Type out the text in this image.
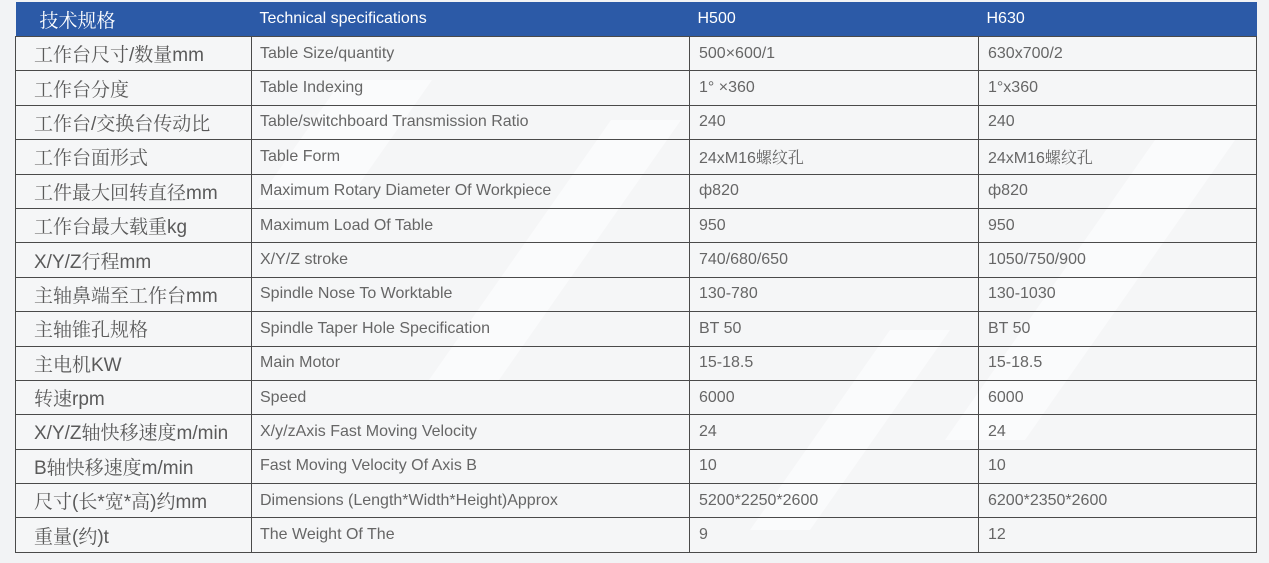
技术规格	Technical specifications	H500	H630
工作台尺寸/数量mm	Table Size/quantity	500×600/1	630x700/2
工作台分度	Table Indexing	1° ×360	1°x360
工作台/交换台传动比	Table/switchboard Transmission Ratio	240	240
工作台面形式	Table Form	24xM16螺纹孔	24xM16螺纹孔
工件最大回转直径mm	Maximum Rotary Diameter Of Workpiece	ф820	ф820
工作台最大载重kg	Maximum Load Of Table	950	950
X/Y/Z行程mm	X/Y/Z stroke	740/680/650	1050/750/900
主轴鼻端至工作台mm	Spindle Nose To Worktable	130-780	130-1030
主轴锥孔规格	Spindle Taper Hole Specification	BT 50	BT 50
主电机KW	Main Motor	15-18.5	15-18.5
转速rpm	Speed	6000	6000
X/Y/Z轴快移速度m/min	X/y/zAxis Fast Moving Velocity	24	24
B轴快移速度m/min	Fast Moving Velocity Of Axis B	10	10
尺寸(长*宽*高)约mm	Dimensions (Length*Width*Height)Approx	5200*2250*2600	6200*2350*2600
重量(约)t	The Weight Of The	9	12
